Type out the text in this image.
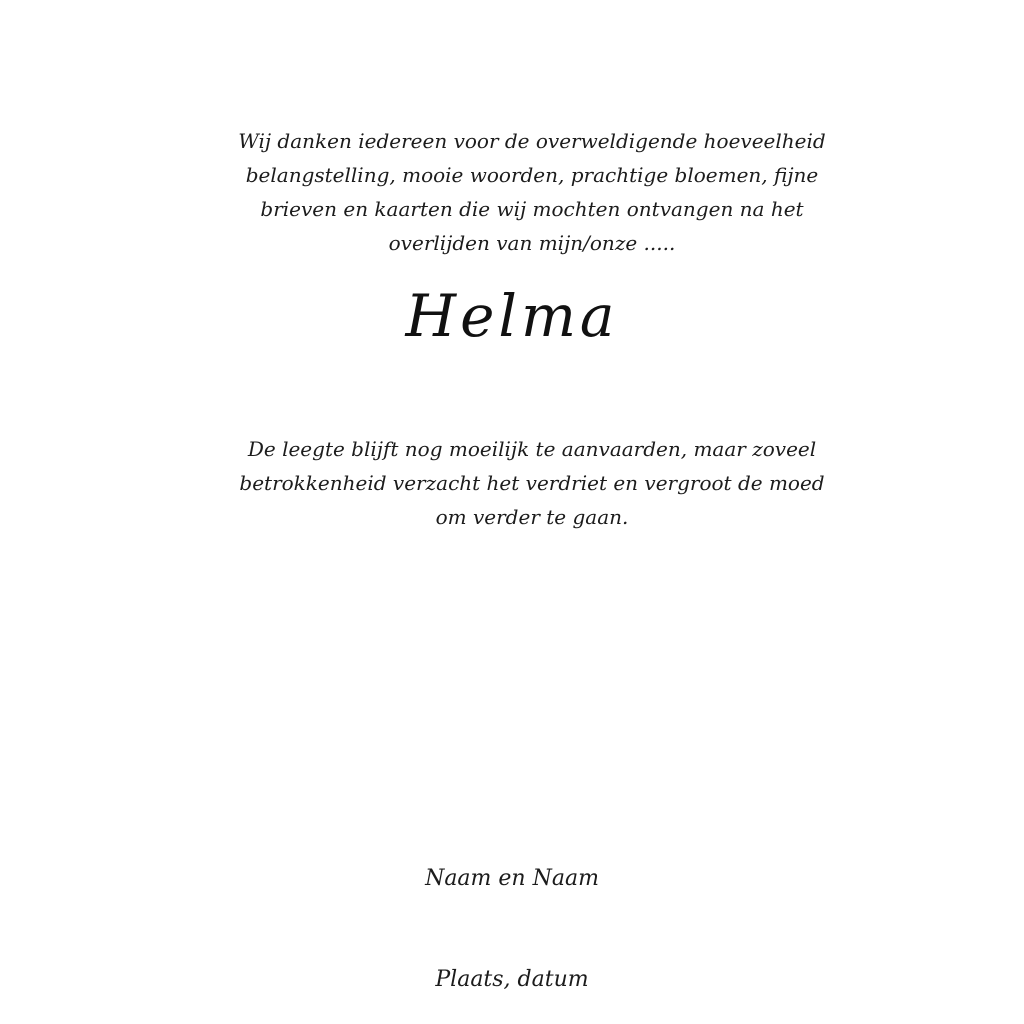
Wij danken iedereen voor de overweldigende hoeveelheid belangstelling, mooie woorden, prachtige bloemen, fijne brieven en kaarten die wij mochten ontvangen na het overlijden van mijn/onze .....
Helma
De leegte blijft nog moeilijk te aanvaarden, maar zoveel betrokkenheid verzacht het verdriet en vergroot de moed om verder te gaan.
Naam en Naam
Plaats, datum
